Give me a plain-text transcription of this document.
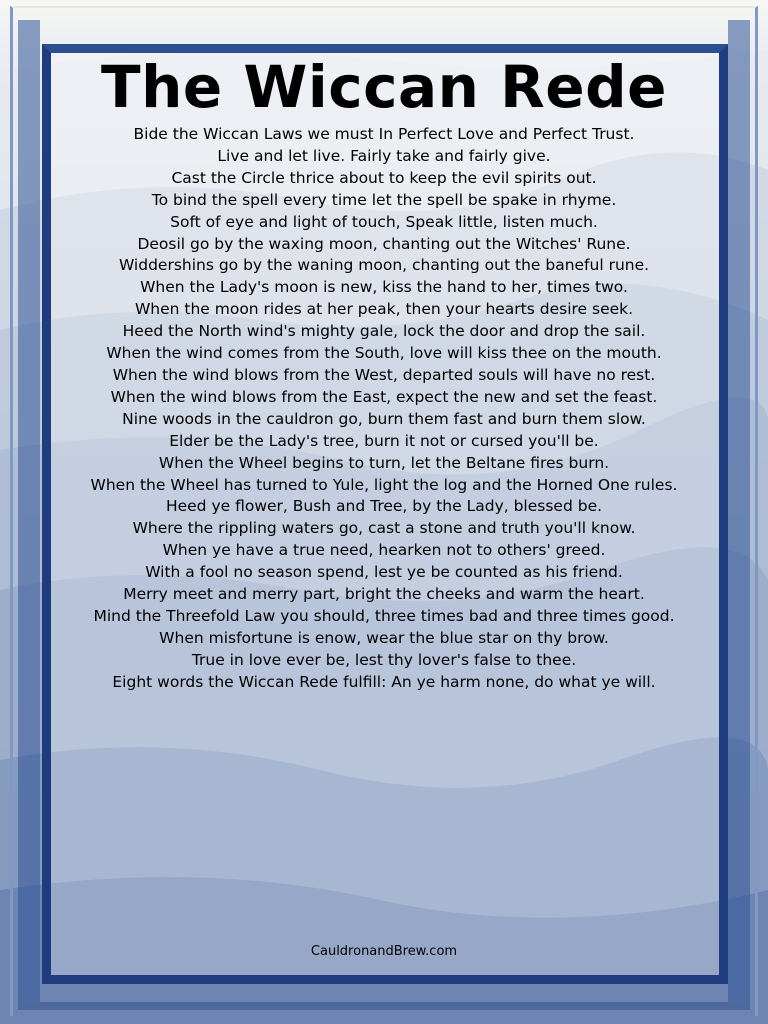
The Wiccan Rede
Bide the Wiccan Laws we must In Perfect Love and Perfect Trust.
Live and let live. Fairly take and fairly give.
Cast the Circle thrice about to keep the evil spirits out.
To bind the spell every time let the spell be spake in rhyme.
Soft of eye and light of touch, Speak little, listen much.
Deosil go by the waxing moon, chanting out the Witches' Rune.
Widdershins go by the waning moon, chanting out the baneful rune.
When the Lady's moon is new, kiss the hand to her, times two.
When the moon rides at her peak, then your hearts desire seek.
Heed the North wind's mighty gale, lock the door and drop the sail.
When the wind comes from the South, love will kiss thee on the mouth.
When the wind blows from the West, departed souls will have no rest.
When the wind blows from the East, expect the new and set the feast.
Nine woods in the cauldron go, burn them fast and burn them slow.
Elder be the Lady's tree, burn it not or cursed you'll be.
When the Wheel begins to turn, let the Beltane fires burn.
When the Wheel has turned to Yule, light the log and the Horned One rules.
Heed ye flower, Bush and Tree, by the Lady, blessed be.
Where the rippling waters go, cast a stone and truth you'll know.
When ye have a true need, hearken not to others' greed.
With a fool no season spend, lest ye be counted as his friend.
Merry meet and merry part, bright the cheeks and warm the heart.
Mind the Threefold Law you should, three times bad and three times good.
When misfortune is enow, wear the blue star on thy brow.
True in love ever be, lest thy lover's false to thee.
Eight words the Wiccan Rede fulfill: An ye harm none, do what ye will.
CauldronandBrew.com
